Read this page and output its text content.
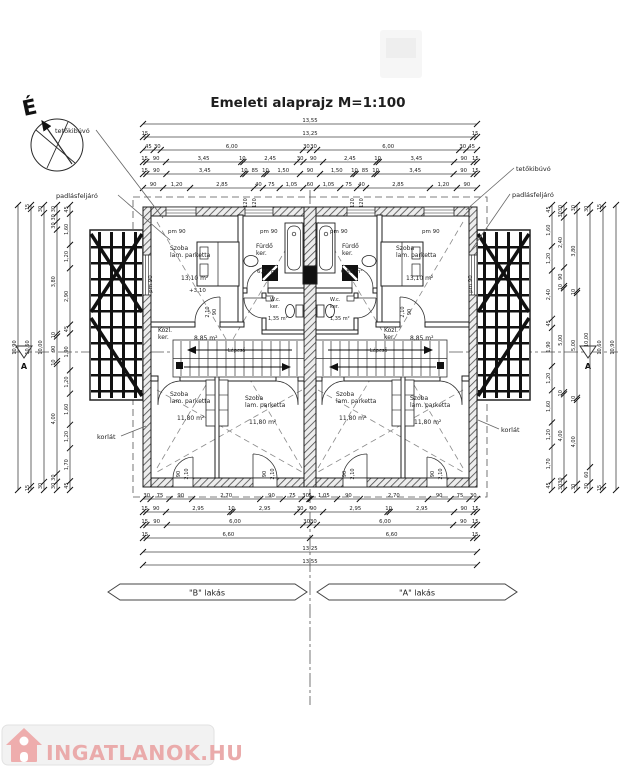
Emeleti alaprajz M=1:100
É
A	A
13,55
15	13,25	15
45 30	6,00	30 30	6,00	30 45
15 90	3,45	10	2,45	30 90	2,45	10	3,45	90 15
15 90	3,45	10 85 10 1,50	90	1,50 10 85 10	3,45	90 15
90	1,20	2,85	40 75 1,05 60 1,05 75 40	2,85	1,20	90
30 75	90	2,70	90	75 30 5 1,05	90	2,70	90	75 30
15 90	2,95	10	2,95	30 90	2,95	10	2,95	90 15
15 90	6,00	30 30	6,00	90 15
15	6,60	6,60	15
13,25
13,55
10,90
15
10,60
15
30
10,00
30
30
30
30
3,80
10
90
10
4,00
30
30
45
1,60
1,20
2,90
45
1,90
1,20
1,60
1,20
1,70
45
45
1,60
1,20
2,40
45
1,90
1,20
1,60
1,20
1,70
45
30
30
2,40
90
10
5,00
10
4,00
30
30
30
3,80
10
5,00
10
4,00
30
30
10,00
60
30
15
10,60
15
10,90
Szoba lam. parketta
13,10 m²
+3,10
Fürdő ker.
6,86 m²
W.c. ker.
1,35 m²
Közl. ker.	8,85 m²
Szoba lam. parketta
11,80 m²
Szoba lam. parketta
11,80 m²
Lépcső
pm 90	pm 90
pm 90
Szoba lam. parketta
13,10 m²
Fürdő ker.
6,86 m²
W.c. ker.
1,35 m²
Közl. ker.	8,85 m²
Szoba lam. parketta
11,80 m²
Szoba lam. parketta
11,80 m²
Lépcső
pm 90	pm 90
pm 90
120 120	120 120
90 2,10	90 2,10	90 2,10	90 2,10
2,10 90	2,10 90
tetőkibúvó
padlásfeljáró
tetőkibúvó
padlásfeljáró
korlát
korlát
"B" lakás	"A" lakás
INGATLANOK.HU
